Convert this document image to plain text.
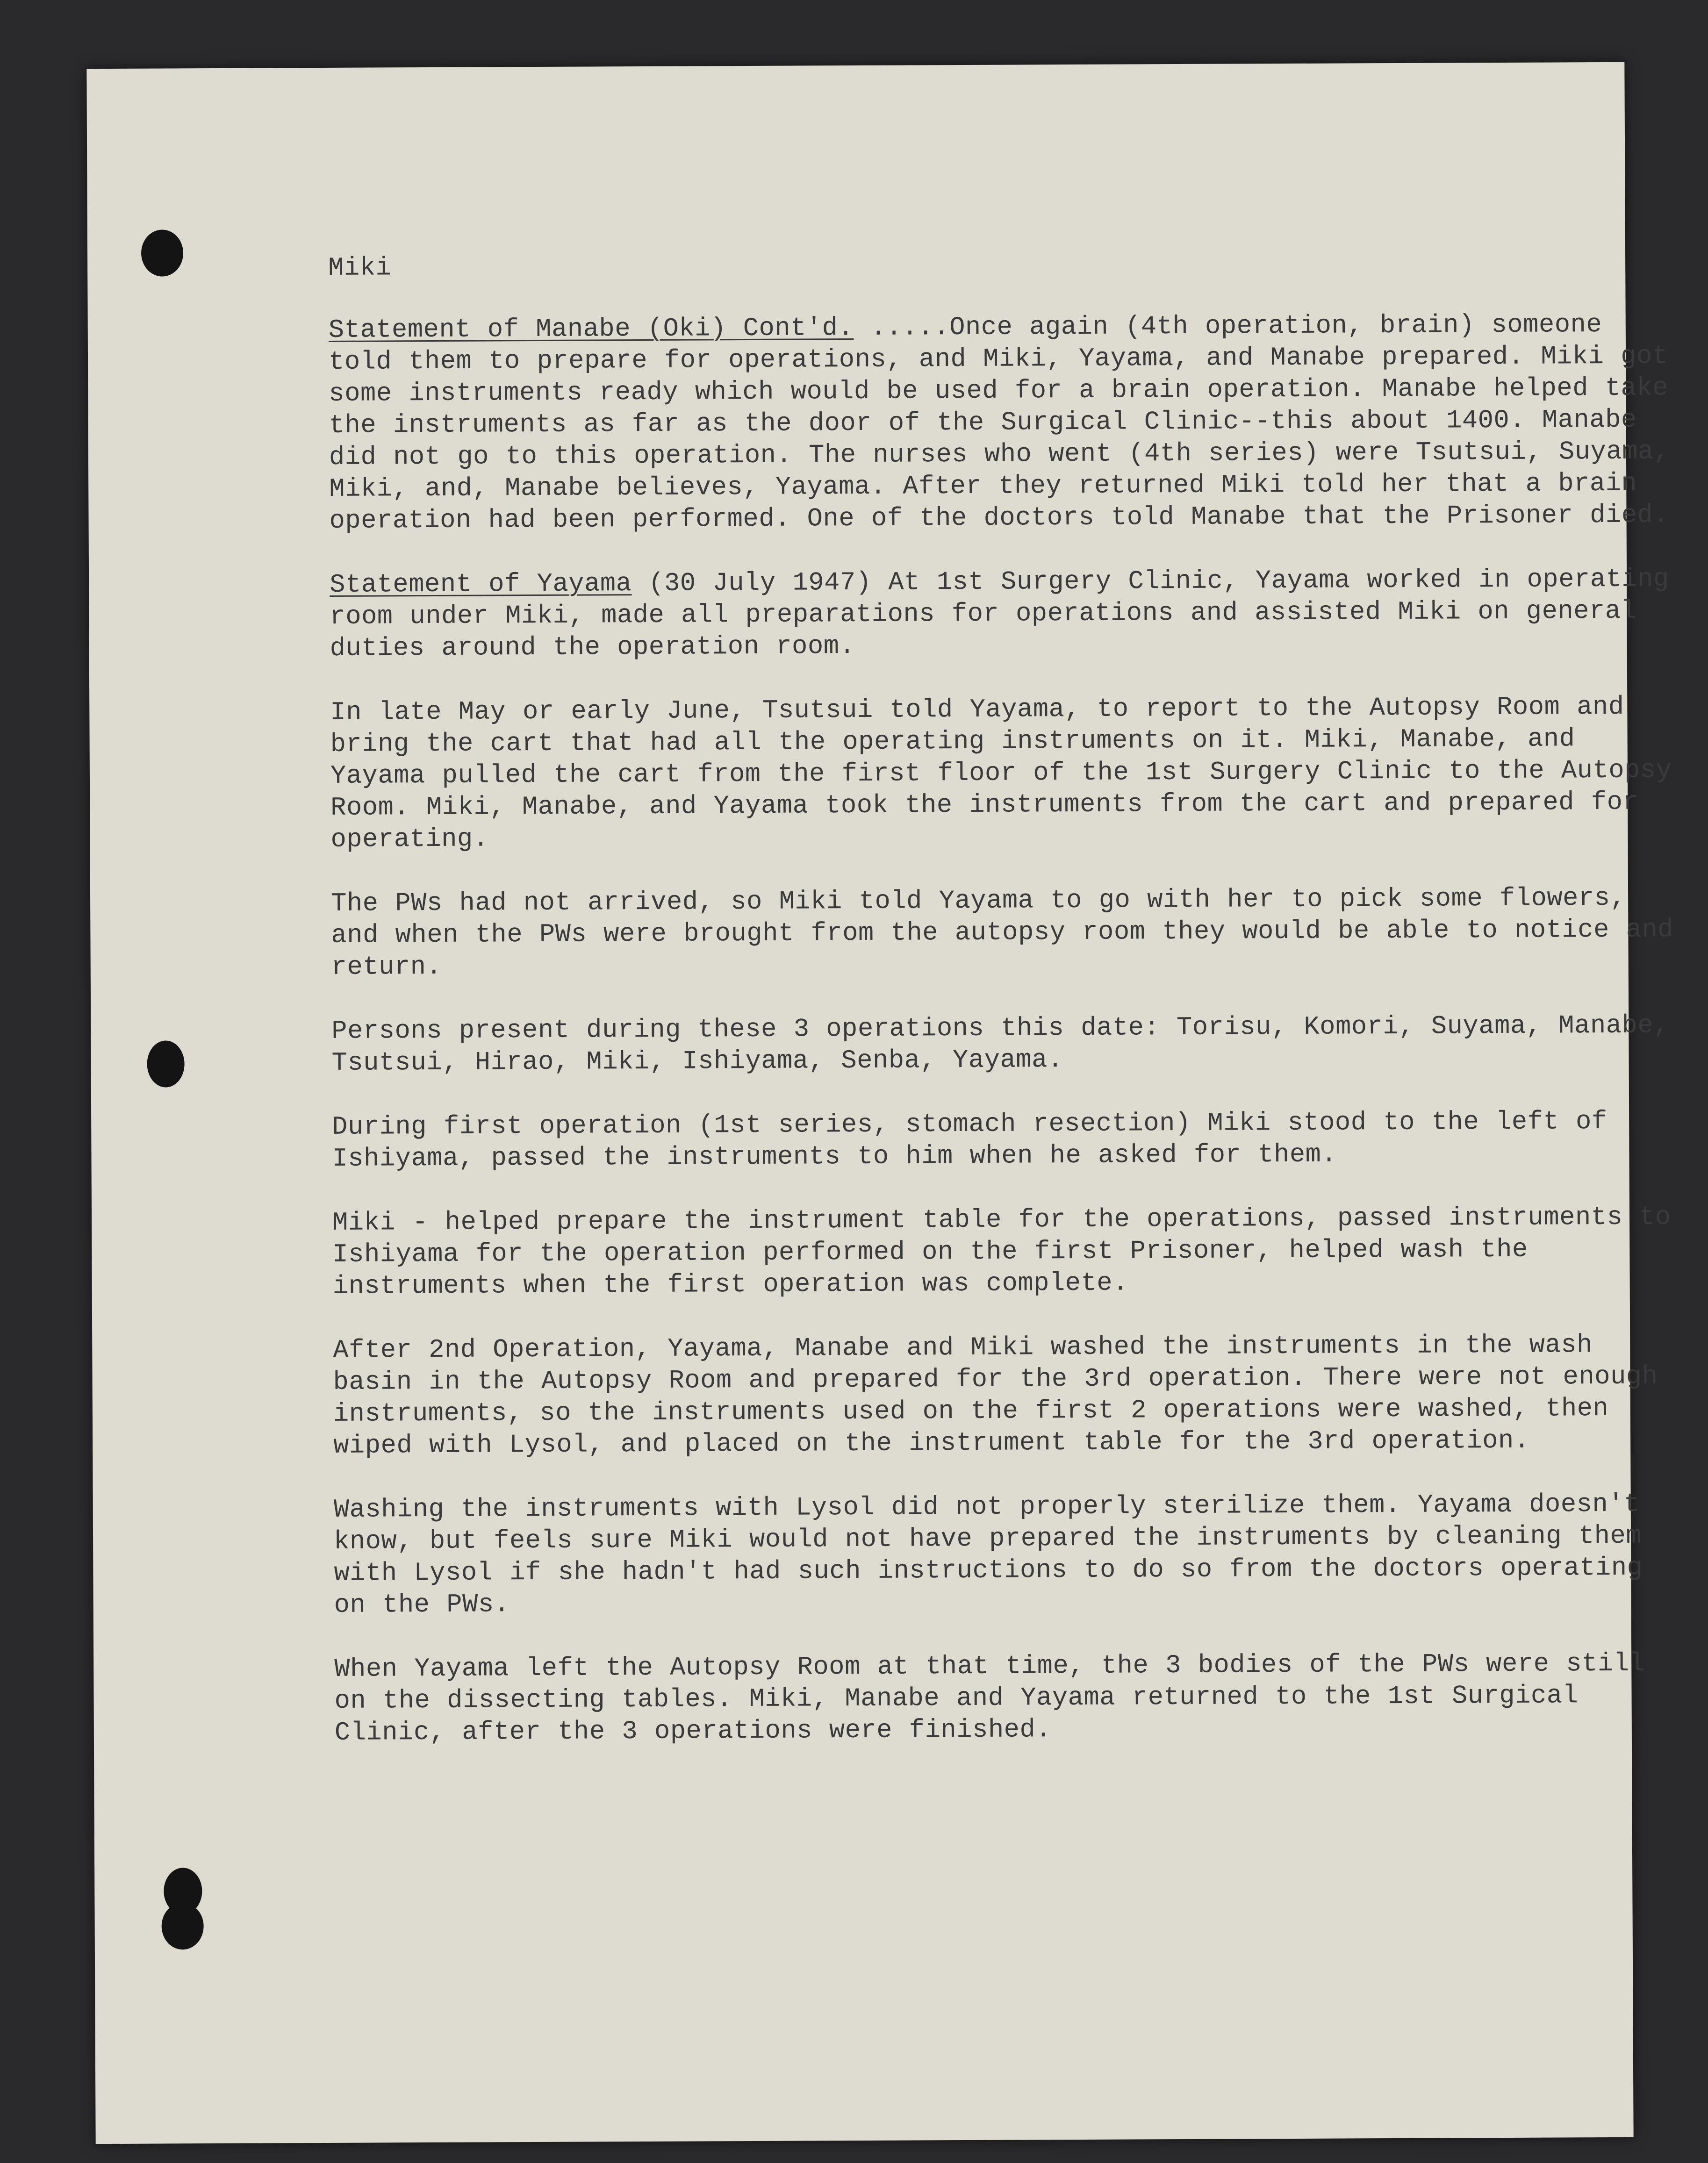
Miki

Statement of Manabe (Oki) Cont'd. .....Once again (4th operation, brain) someone told them to prepare for operations, and Miki, Yayama, and Manabe prepared. Miki got some instruments ready which would be used for a brain operation. Manabe helped take the instruments as far as the door of the Surgical Clinic--this about 1400. Manabe did not go to this operation. The nurses who went (4th series) were Tsutsui, Suyama, Miki, and, Manabe believes, Yayama. After they returned Miki told her that a brain operation had been performed. One of the doctors told Manabe that the Prisoner died.

Statement of Yayama (30 July 1947) At 1st Surgery Clinic, Yayama worked in operating room under Miki, made all preparations for operations and assisted Miki on general duties around the operation room.

In late May or early June, Tsutsui told Yayama, to report to the Autopsy Room and bring the cart that had all the operating instruments on it. Miki, Manabe, and Yayama pulled the cart from the first floor of the 1st Surgery Clinic to the Autopsy Room. Miki, Manabe, and Yayama took the instruments from the cart and prepared for operating.

The PWs had not arrived, so Miki told Yayama to go with her to pick some flowers, and when the PWs were brought from the autopsy room they would be able to notice and return.

Persons present during these 3 operations this date: Torisu, Komori, Suyama, Manabe, Tsutsui, Hirao, Miki, Ishiyama, Senba, Yayama.

During first operation (1st series, stomach resection) Miki stood to the left of Ishiyama, passed the instruments to him when he asked for them.

Miki - helped prepare the instrument table for the operations, passed instruments to Ishiyama for the operation performed on the first Prisoner, helped wash the instruments when the first operation was complete.

After 2nd Operation, Yayama, Manabe and Miki washed the instruments in the wash basin in the Autopsy Room and prepared for the 3rd operation. There were not enough instruments, so the instruments used on the first 2 operations were washed, then wiped with Lysol, and placed on the instrument table for the 3rd operation.

Washing the instruments with Lysol did not properly sterilize them. Yayama doesn't know, but feels sure Miki would not have prepared the instruments by cleaning them with Lysol if she hadn't had such instructions to do so from the doctors operating on the PWs.

When Yayama left the Autopsy Room at that time, the 3 bodies of the PWs were still on the dissecting tables. Miki, Manabe and Yayama returned to the 1st Surgical Clinic, after the 3 operations were finished.
